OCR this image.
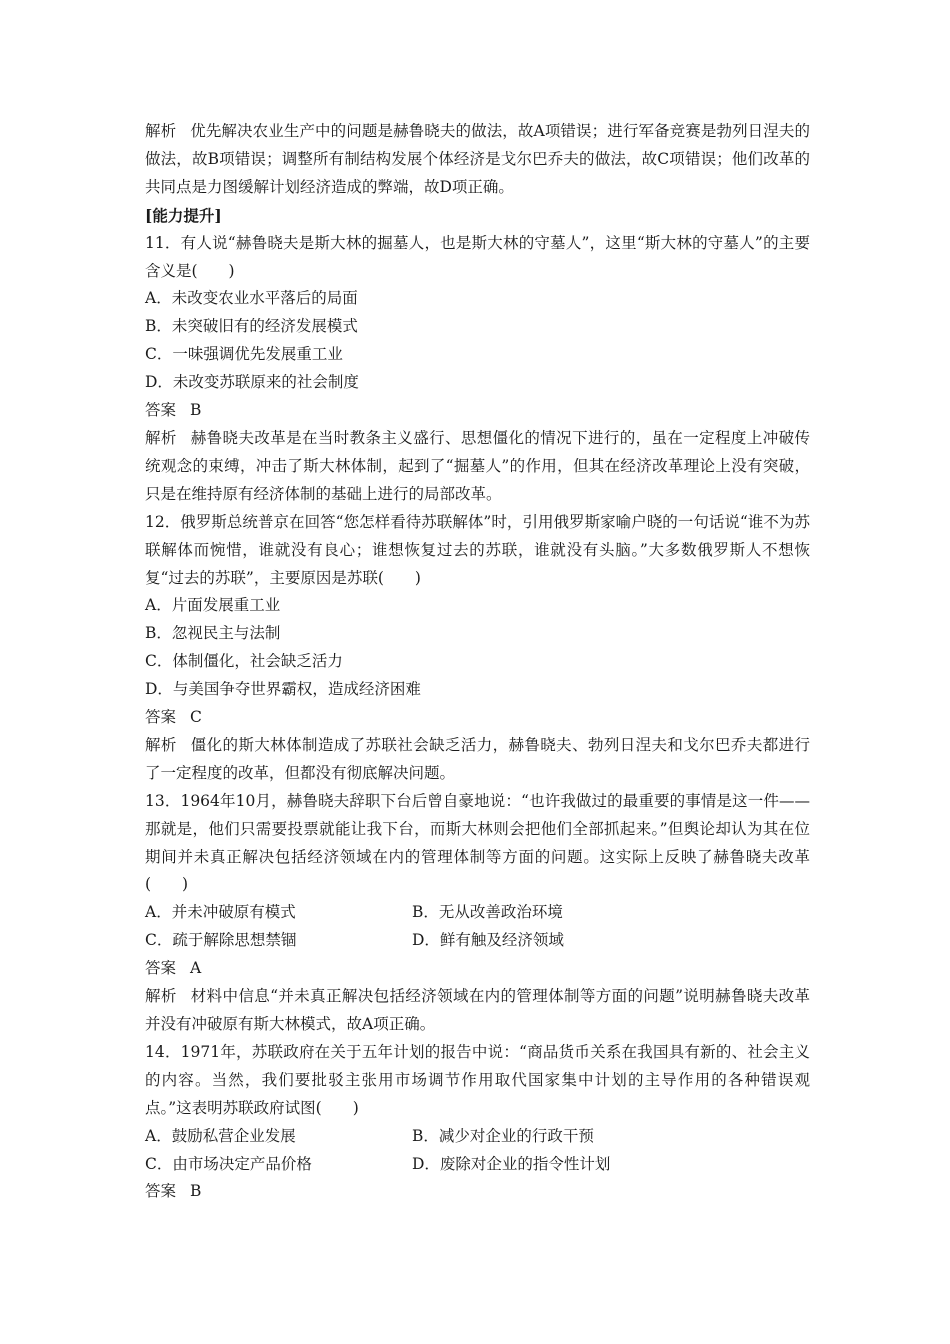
解析 优先解决农业生产中的问题是赫鲁晓夫的做法，故A项错误；进行军备竞赛是勃列日涅夫的做法，故B项错误；调整所有制结构发展个体经济是戈尔巴乔夫的做法，故C项错误；他们改革的共同点是力图缓解计划经济造成的弊端，故D项正确。

[能力提升]

11．有人说“赫鲁晓夫是斯大林的掘墓人，也是斯大林的守墓人”，这里“斯大林的守墓人”的主要含义是(　　)

A．未改变农业水平落后的局面

B．未突破旧有的经济发展模式

C．一味强调优先发展重工业

D．未改变苏联原来的社会制度

答案 B

解析 赫鲁晓夫改革是在当时教条主义盛行、思想僵化的情况下进行的，虽在一定程度上冲破传统观念的束缚，冲击了斯大林体制，起到了“掘墓人”的作用，但其在经济改革理论上没有突破，只是在维持原有经济体制的基础上进行的局部改革。

12．俄罗斯总统普京在回答“您怎样看待苏联解体”时，引用俄罗斯家喻户晓的一句话说“谁不为苏联解体而惋惜，谁就没有良心；谁想恢复过去的苏联，谁就没有头脑。”大多数俄罗斯人不想恢复“过去的苏联”，主要原因是苏联(　　)

A．片面发展重工业

B．忽视民主与法制

C．体制僵化，社会缺乏活力

D．与美国争夺世界霸权，造成经济困难

答案 C

解析 僵化的斯大林体制造成了苏联社会缺乏活力，赫鲁晓夫、勃列日涅夫和戈尔巴乔夫都进行了一定程度的改革，但都没有彻底解决问题。

13．1964年10月，赫鲁晓夫辞职下台后曾自豪地说：“也许我做过的最重要的事情是这一件——那就是，他们只需要投票就能让我下台，而斯大林则会把他们全部抓起来。”但舆论却认为其在位期间并未真正解决包括经济领域在内的管理体制等方面的问题。这实际上反映了赫鲁晓夫改革(　　)

A．并未冲破原有模式	B．无从改善政治环境
C．疏于解除思想禁锢	D．鲜有触及经济领域

答案 A

解析 材料中信息“并未真正解决包括经济领域在内的管理体制等方面的问题”说明赫鲁晓夫改革并没有冲破原有斯大林模式，故A项正确。

14．1971年，苏联政府在关于五年计划的报告中说：“商品货币关系在我国具有新的、社会主义的内容。当然，我们要批驳主张用市场调节作用取代国家集中计划的主导作用的各种错误观点。”这表明苏联政府试图(　　)

A．鼓励私营企业发展	B．减少对企业的行政干预
C．由市场决定产品价格	D．废除对企业的指令性计划

答案 B
